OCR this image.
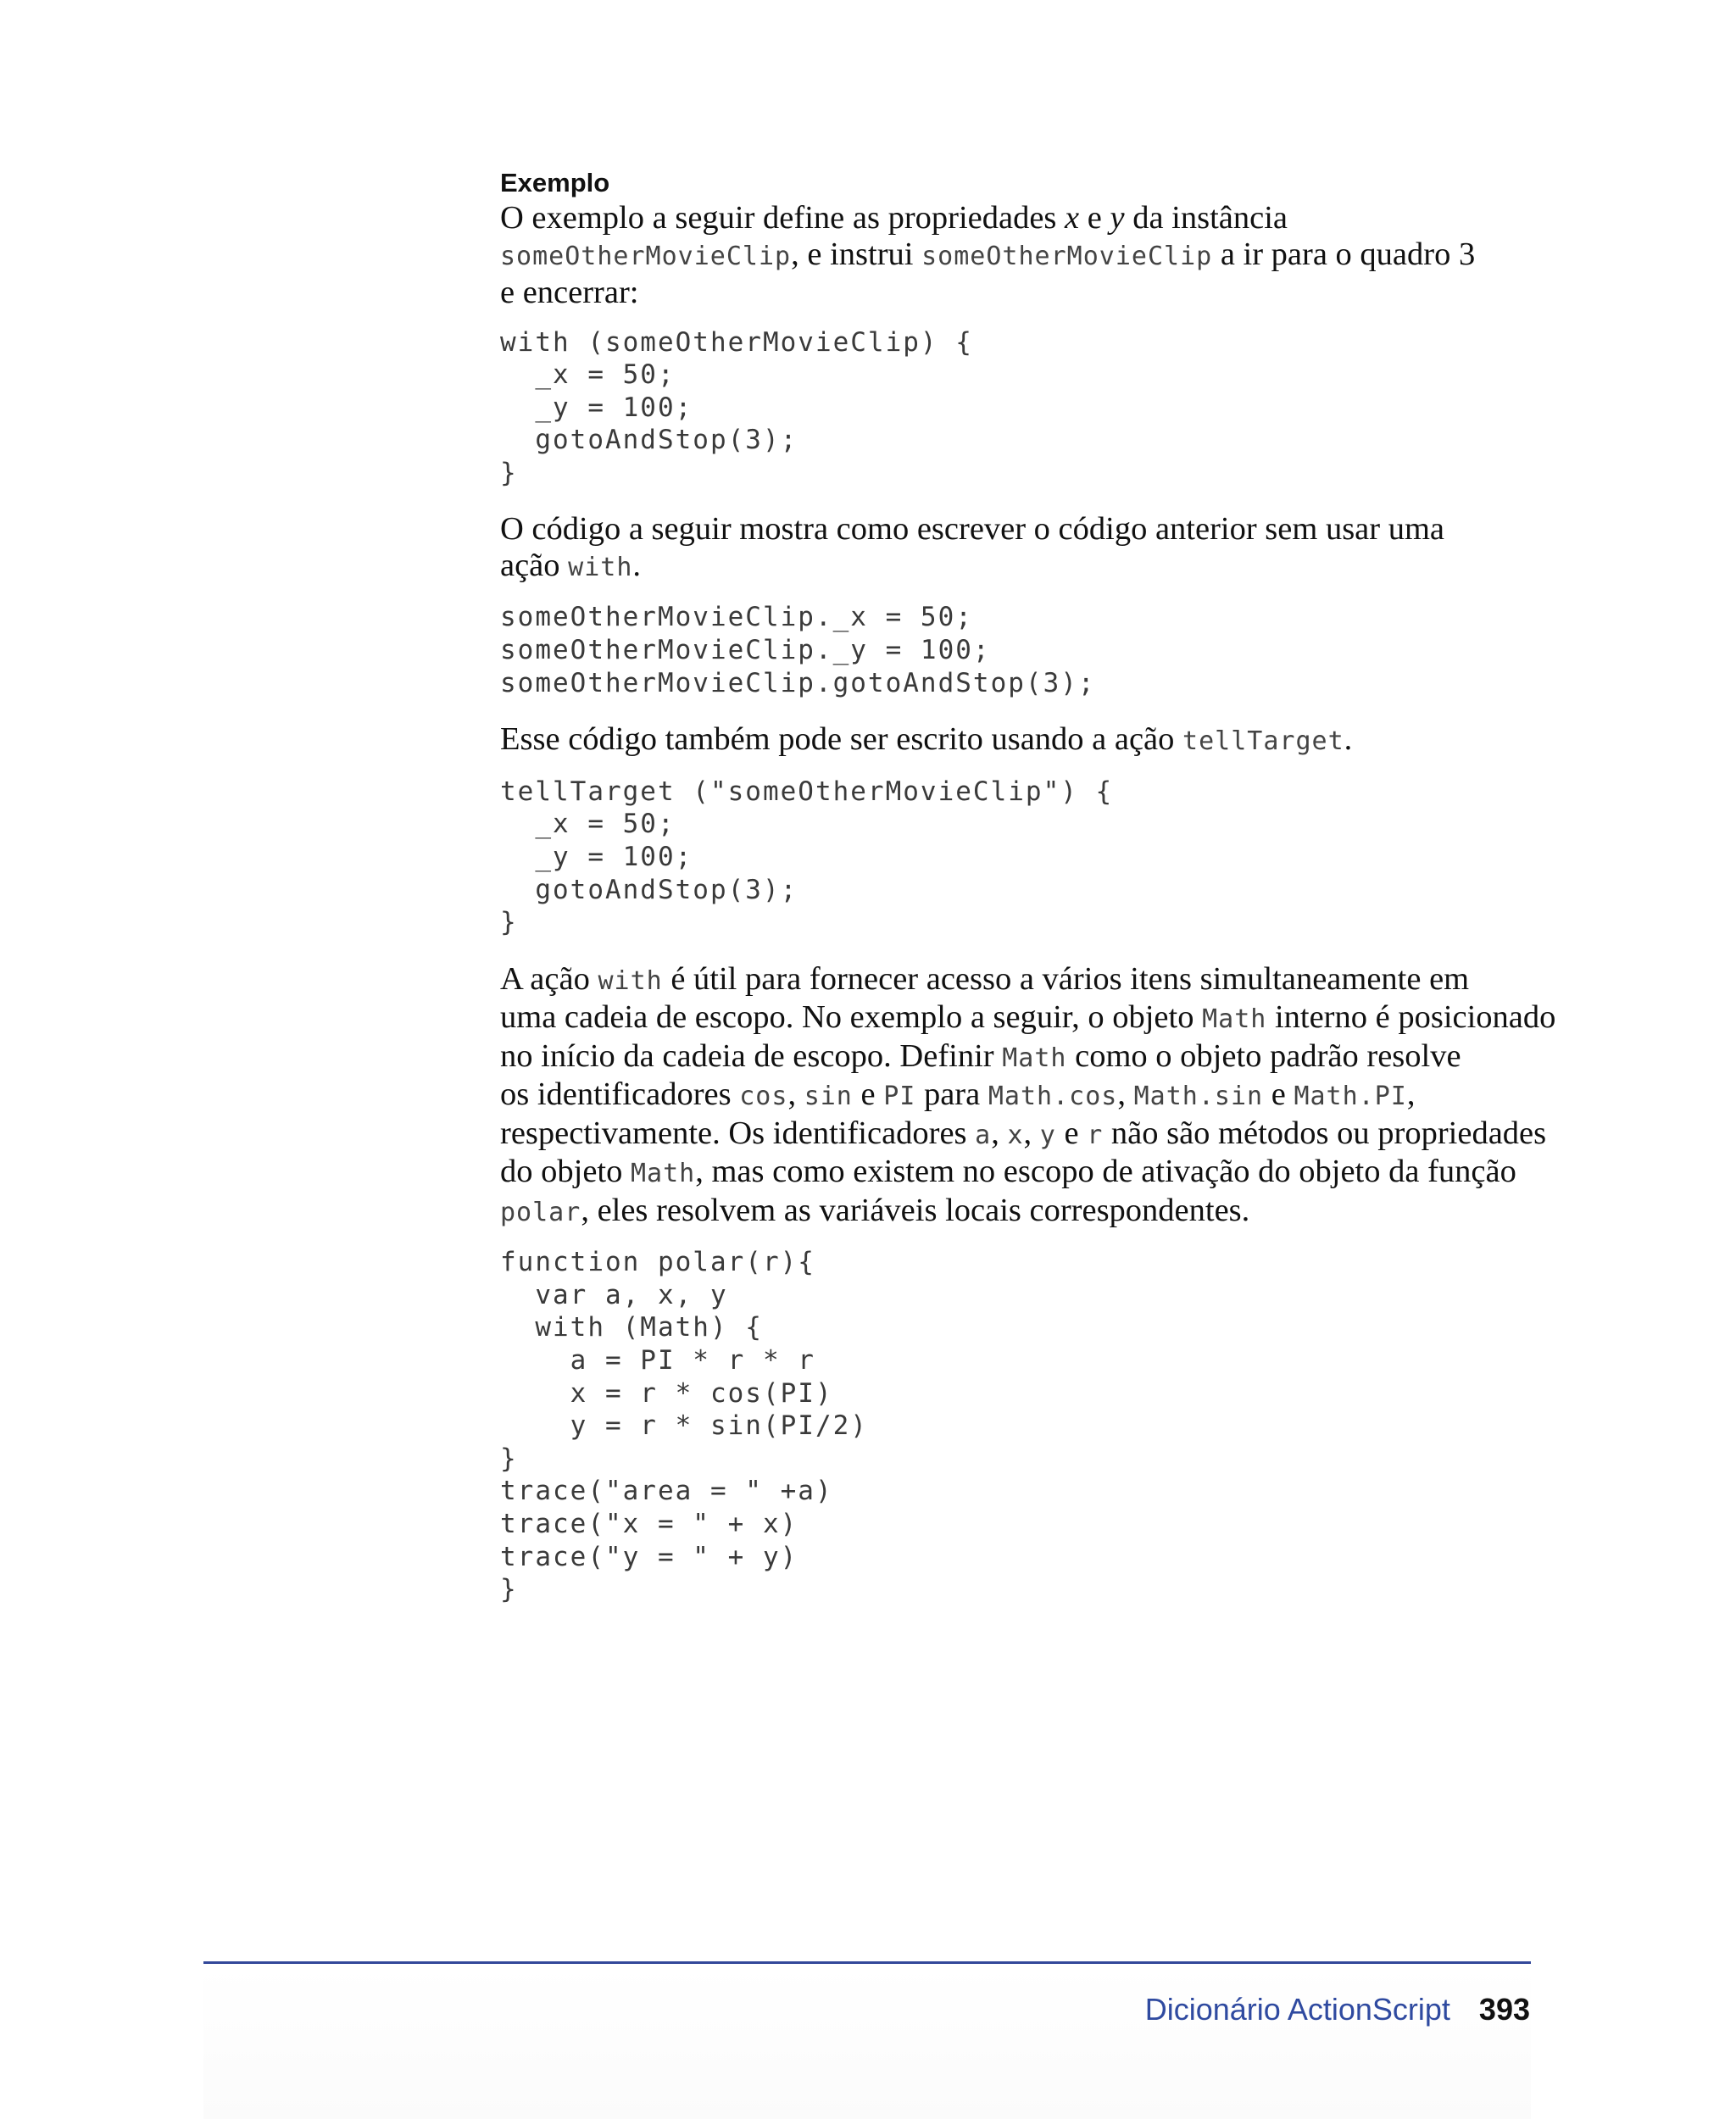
Exemplo

O exemplo a seguir define as propriedades x e y da instância
someOtherMovieClip, e instrui someOtherMovieClip a ir para o quadro 3
e encerrar:

with (someOtherMovieClip) {
_x = 50;
_y = 100;
gotoAndStop(3);
}

O código a seguir mostra como escrever o código anterior sem usar uma
ação with.

someOtherMovieClip._x = 50;
someOtherMovieClip._y = 100;
someOtherMovieClip.gotoAndStop(3);

Esse código também pode ser escrito usando a ação tellTarget.

tellTarget ("someOtherMovieClip") {
_x = 50;
_y = 100;
gotoAndStop(3);
}

A ação with é útil para fornecer acesso a vários itens simultaneamente em
uma cadeia de escopo. No exemplo a seguir, o objeto Math interno é posicionado
no início da cadeia de escopo. Definir Math como o objeto padrão resolve
os identificadores cos, sin e PI para Math.cos, Math.sin e Math.PI,
respectivamente. Os identificadores a, x, y e r não são métodos ou propriedades
do objeto Math, mas como existem no escopo de ativação do objeto da função
polar, eles resolvem as variáveis locais correspondentes.

function polar(r){
var a, x, y
with (Math) {
a = PI * r * r
x = r * cos(PI)
y = r * sin(PI/2)
}
trace("area = " +a)
trace("x = " + x)
trace("y = " + y)
}
Dicionário ActionScript 393
